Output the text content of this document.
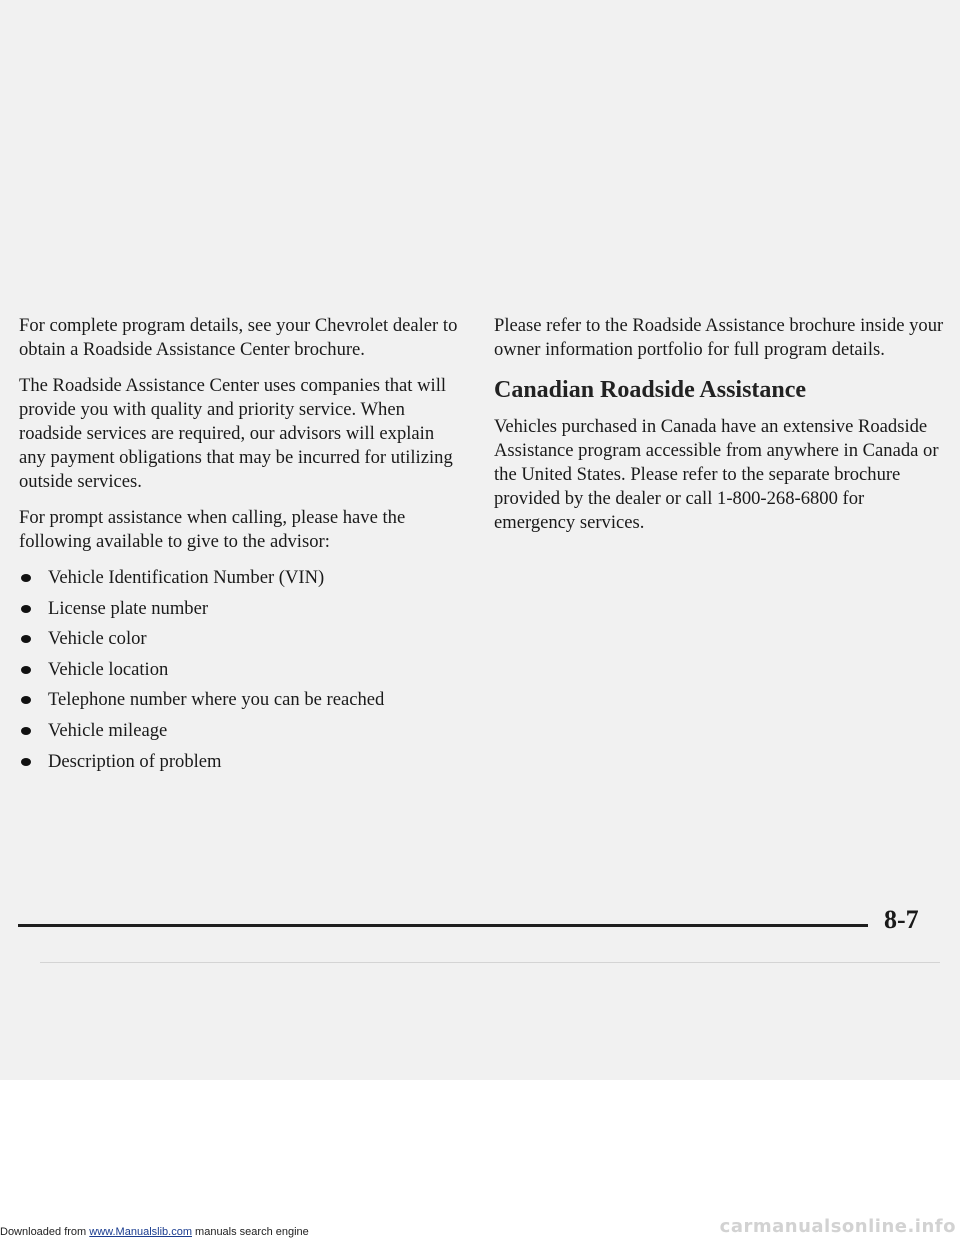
For complete program details, see your Chevrolet dealer to obtain a Roadside Assistance Center brochure.

The Roadside Assistance Center uses companies that will provide you with quality and priority service. When roadside services are required, our advisors will explain any payment obligations that may be incurred for utilizing outside services.

For prompt assistance when calling, please have the following available to give to the advisor:

Vehicle Identification Number (VIN)
License plate number
Vehicle color
Vehicle location
Telephone number where you can be reached
Vehicle mileage
Description of problem

Please refer to the Roadside Assistance brochure inside your owner information portfolio for full program details.

Canadian Roadside Assistance

Vehicles purchased in Canada have an extensive Roadside Assistance program accessible from anywhere in Canada or the United States. Please refer to the separate brochure provided by the dealer or call 1-800-268-6800 for emergency services.

8-7
Downloaded from www.Manualslib.com manuals search engine	carmanualsonline.info
